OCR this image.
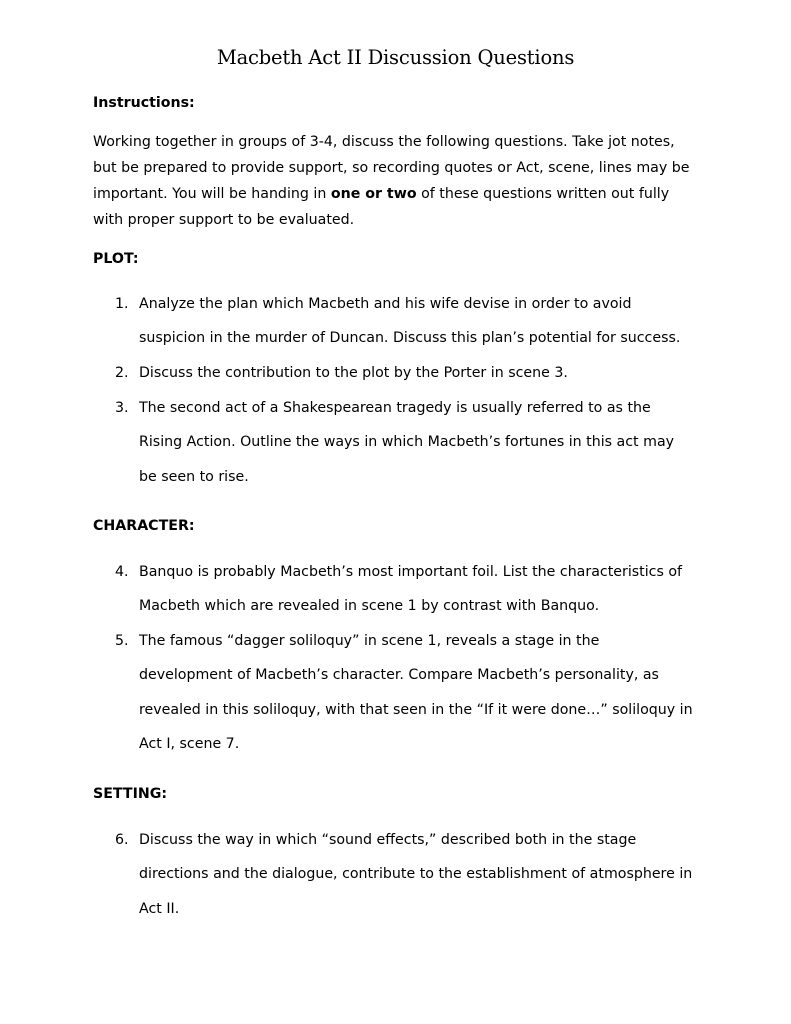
Macbeth Act II Discussion Questions
Instructions:
Working together in groups of 3-4, discuss the following questions. Take jot notes,
but be prepared to provide support, so recording quotes or Act, scene, lines may be
important. You will be handing in one or two of these questions written out fully
with proper support to be evaluated.
PLOT:
1. Analyze the plan which Macbeth and his wife devise in order to avoid
suspicion in the murder of Duncan. Discuss this plan’s potential for success.
2. Discuss the contribution to the plot by the Porter in scene 3.
3. The second act of a Shakespearean tragedy is usually referred to as the
Rising Action. Outline the ways in which Macbeth’s fortunes in this act may
be seen to rise.
CHARACTER:
4. Banquo is probably Macbeth’s most important foil. List the characteristics of
Macbeth which are revealed in scene 1 by contrast with Banquo.
5. The famous “dagger soliloquy” in scene 1, reveals a stage in the
development of Macbeth’s character. Compare Macbeth’s personality, as
revealed in this soliloquy, with that seen in the “If it were done…” soliloquy in
Act I, scene 7.
SETTING:
6. Discuss the way in which “sound effects,” described both in the stage
directions and the dialogue, contribute to the establishment of atmosphere in
Act II.
